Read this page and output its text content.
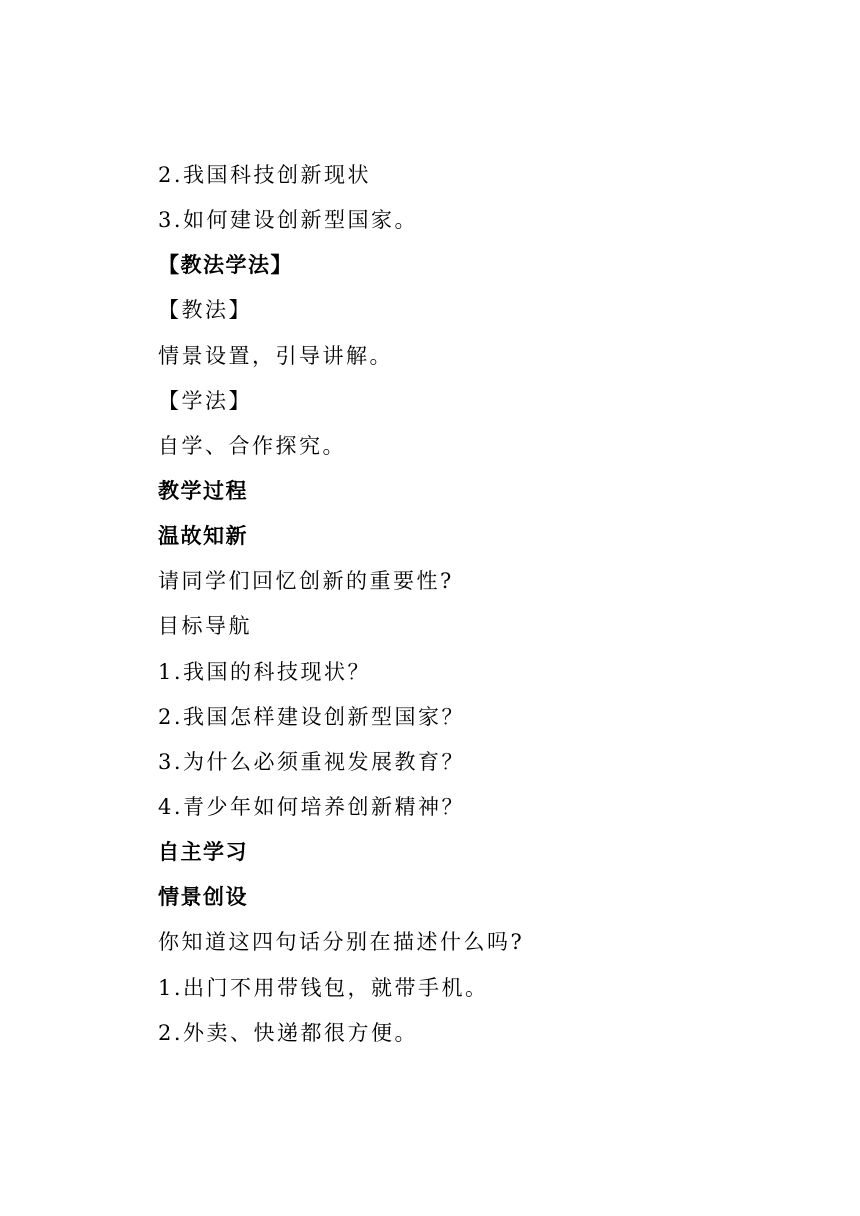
2.我国科技创新现状
3.如何建设创新型国家。
【教法学法】
【教法】
情景设置，引导讲解。
【学法】
自学、合作探究。
教学过程
温故知新
请同学们回忆创新的重要性?
目标导航
1.我国的科技现状？
2.我国怎样建设创新型国家？
3.为什么必须重视发展教育？
4.青少年如何培养创新精神？
自主学习
情景创设
你知道这四句话分别在描述什么吗?
1.出门不用带钱包，就带手机。
2.外卖、快递都很方便。
